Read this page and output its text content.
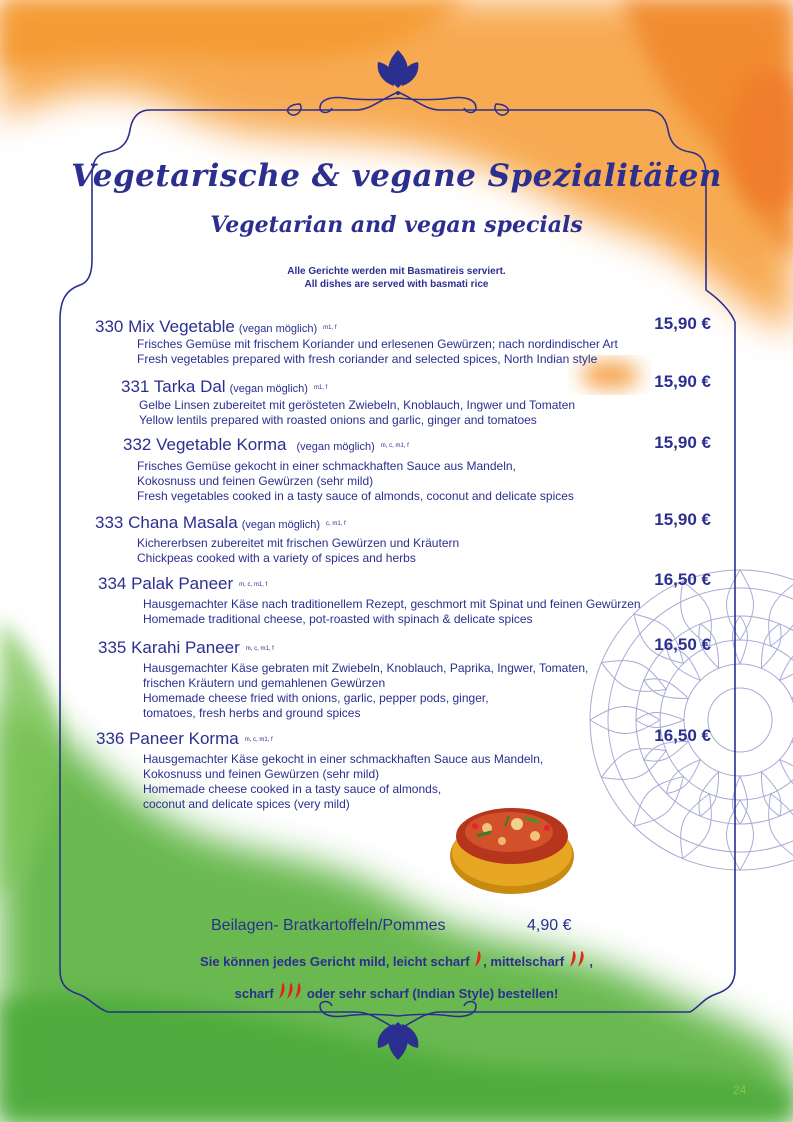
Vegetarische & vegane Spezialitäten
Vegetarian and vegan specials
Alle Gerichte werden mit Basmatireis serviert.
All dishes are served with basmati rice
330 Mix Vegetable (vegan möglich) m1, f	15,90 €
Frisches Gemüse mit frischem Koriander und erlesenen Gewürzen; nach nordindischer Art
Fresh vegetables prepared with fresh coriander and selected spices, North Indian style
331 Tarka Dal (vegan möglich) m1, f	15,90 €
Gelbe Linsen zubereitet mit gerösteten Zwiebeln, Knoblauch, Ingwer und Tomaten
Yellow lentils prepared with roasted onions and garlic, ginger and tomatoes
332 Vegetable Korma (vegan möglich) m, c, m1, f	15,90 €
Frisches Gemüse gekocht in einer schmackhaften Sauce aus Mandeln,
Kokosnuss und feinen Gewürzen (sehr mild)
Fresh vegetables cooked in a tasty sauce of almonds, coconut and delicate spices
333 Chana Masala (vegan möglich) c, m1, f	15,90 €
Kichererbsen zubereitet mit frischen Gewürzen und Kräutern
Chickpeas cooked with a variety of spices and herbs
334 Palak Paneer m, c, m1, f	16,50 €
Hausgemachter Käse nach traditionellem Rezept, geschmort mit Spinat und feinen Gewürzen
Homemade traditional cheese, pot-roasted with spinach & delicate spices
335 Karahi Paneer m, c, m1, f	16,50 €
Hausgemachter Käse gebraten mit Zwiebeln, Knoblauch, Paprika, Ingwer, Tomaten,
frischen Kräutern und gemahlenen Gewürzen
Homemade cheese fried with onions, garlic, pepper pods, ginger,
tomatoes, fresh herbs and ground spices
336 Paneer Korma m, c, m1, f	16,50 €
Hausgemachter Käse gekocht in einer schmackhaften Sauce aus Mandeln,
Kokosnuss und feinen Gewürzen (sehr mild)
Homemade cheese cooked in a tasty sauce of almonds,
coconut and delicate spices (very mild)
Beilagen- Bratkartoffeln/Pommes	4,90 €
Sie können jedes Gericht mild, leicht scharf , mittelscharf  ,
scharf  oder sehr scharf (Indian Style) bestellen!
24
